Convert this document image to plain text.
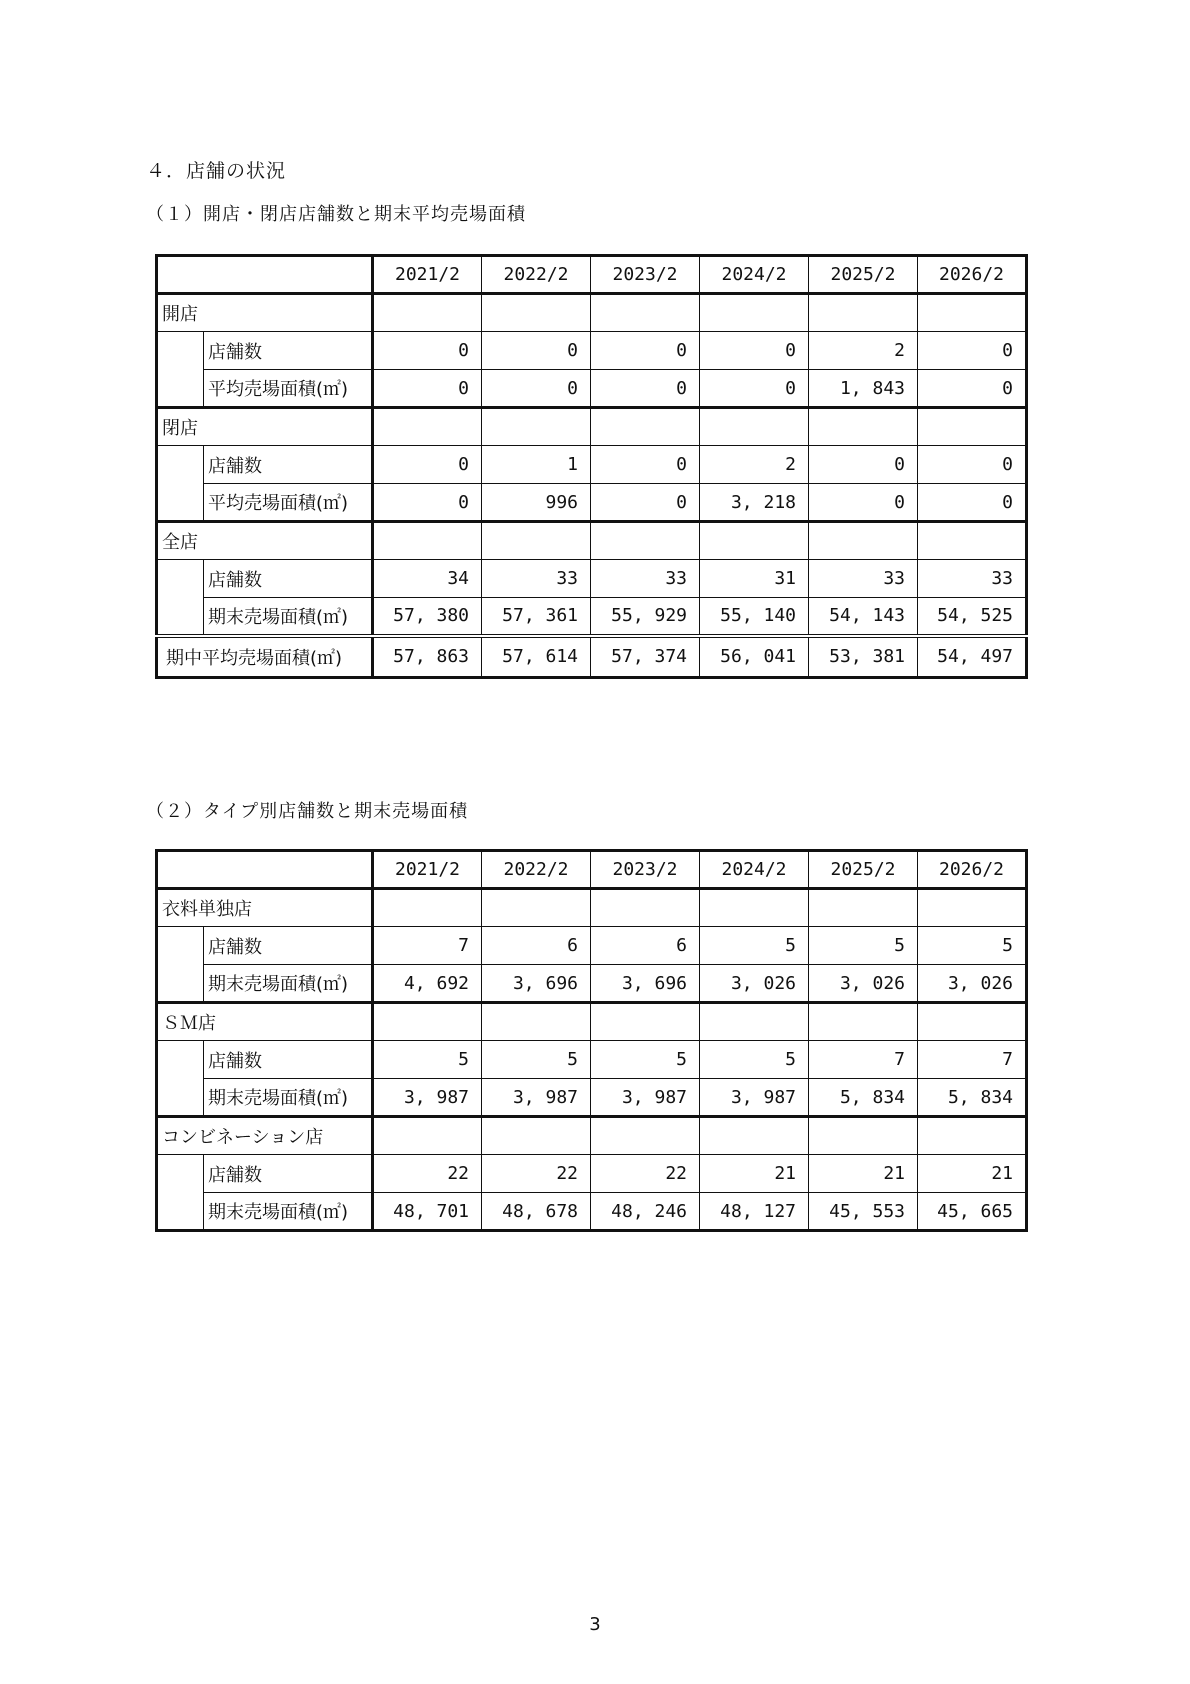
４．店舗の状況
（１）開店・閉店店舗数と期末平均売場面積
		2021/2	2022/2	2023/2	2024/2	2025/2	2026/2
開店							
	店舗数	0	0	0	0	2	0
	平均売場面積(㎡)	0	0	0	0	1, 843	0
閉店							
	店舗数	0	1	0	2	0	0
	平均売場面積(㎡)	0	996	0	3, 218	0	0
全店							
	店舗数	34	33	33	31	33	33
	期末売場面積(㎡)	57, 380	57, 361	55, 929	55, 140	54, 143	54, 525
期中平均売場面積(㎡)		57, 863	57, 614	57, 374	56, 041	53, 381	54, 497
（２）タイプ別店舗数と期末売場面積
		2021/2	2022/2	2023/2	2024/2	2025/2	2026/2
衣料単独店							
	店舗数	7	6	6	5	5	5
	期末売場面積(㎡)	4, 692	3, 696	3, 696	3, 026	3, 026	3, 026
ＳＭ店							
	店舗数	5	5	5	5	7	7
	期末売場面積(㎡)	3, 987	3, 987	3, 987	3, 987	5, 834	5, 834
コンビネーション店							
	店舗数	22	22	22	21	21	21
	期末売場面積(㎡)	48, 701	48, 678	48, 246	48, 127	45, 553	45, 665
3
